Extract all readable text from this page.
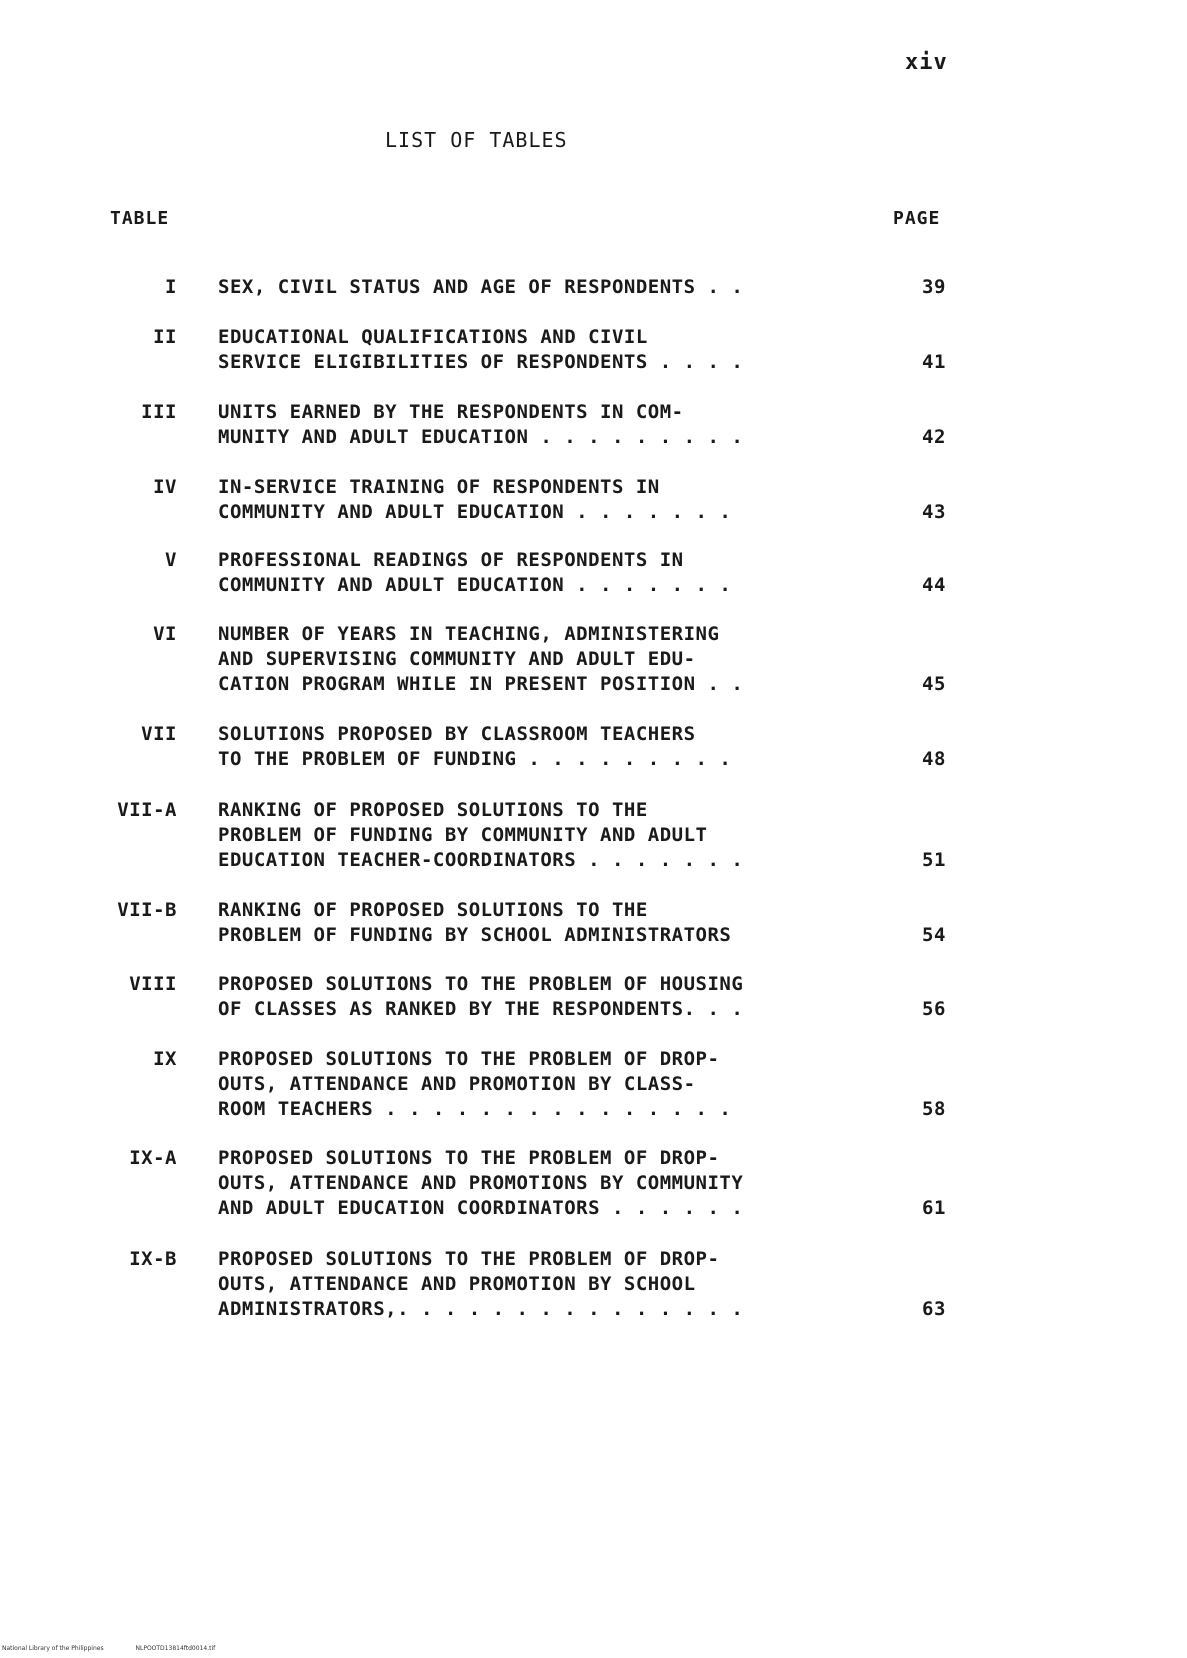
xiv
LIST OF TABLES
TABLE	PAGE
I SEX, CIVIL STATUS AND AGE OF RESPONDENTS . .	39
II EDUCATIONAL QUALIFICATIONS AND CIVIL
SERVICE ELIGIBILITIES OF RESPONDENTS . . . .	41
III UNITS EARNED BY THE RESPONDENTS IN COM-
MUNITY AND ADULT EDUCATION . . . . . . . . .	42
IV IN-SERVICE TRAINING OF RESPONDENTS IN
COMMUNITY AND ADULT EDUCATION . . . . . . .	43
V PROFESSIONAL READINGS OF RESPONDENTS IN
COMMUNITY AND ADULT EDUCATION . . . . . . .	44
VI NUMBER OF YEARS IN TEACHING, ADMINISTERING
AND SUPERVISING COMMUNITY AND ADULT EDU-
CATION PROGRAM WHILE IN PRESENT POSITION . .	45
VII SOLUTIONS PROPOSED BY CLASSROOM TEACHERS
TO THE PROBLEM OF FUNDING . . . . . . . . .	48
VII-A RANKING OF PROPOSED SOLUTIONS TO THE
PROBLEM OF FUNDING BY COMMUNITY AND ADULT
EDUCATION TEACHER-COORDINATORS . . . . . . .	51
VII-B RANKING OF PROPOSED SOLUTIONS TO THE
PROBLEM OF FUNDING BY SCHOOL ADMINISTRATORS	54
VIII PROPOSED SOLUTIONS TO THE PROBLEM OF HOUSING
OF CLASSES AS RANKED BY THE RESPONDENTS. . .	56
IX PROPOSED SOLUTIONS TO THE PROBLEM OF DROP-
OUTS, ATTENDANCE AND PROMOTION BY CLASS-
ROOM TEACHERS . . . . . . . . . . . . . . .	58
IX-A PROPOSED SOLUTIONS TO THE PROBLEM OF DROP-
OUTS, ATTENDANCE AND PROMOTIONS BY COMMUNITY
AND ADULT EDUCATION COORDINATORS . . . . . .	61
IX-B PROPOSED SOLUTIONS TO THE PROBLEM OF DROP-
OUTS, ATTENDANCE AND PROMOTION BY SCHOOL
ADMINISTRATORS,. . . . . . . . . . . . . . .	63
National Library of the Philippines	NLPOOTD13814ftd0014.tif
